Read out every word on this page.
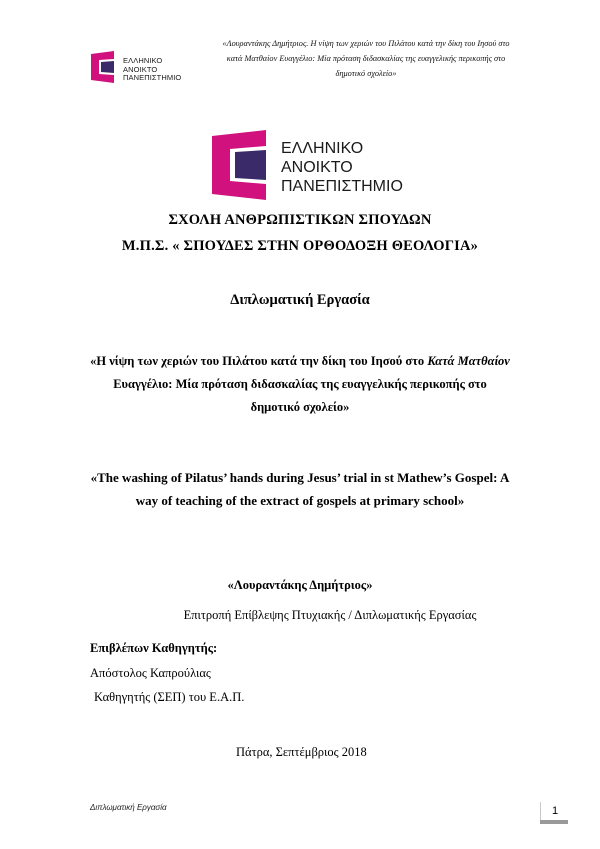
«Λουραντάκης Δημήτριος. Η νίψη των χεριών του Πιλάτου κατά την δίκη του Ιησού στο
κατά Ματθαίον Ευαγγέλιο: Μία πρόταση διδασκαλίας της ευαγγελικής περικοπής στο
δημοτικό σχολείο»
ΕΛΛΗΝΙΚΟ
ΑΝΟΙΚΤΟ
ΠΑΝΕΠΙΣΤΗΜΙΟ
ΕΛΛΗΝΙΚΟ
ΑΝΟΙΚΤΟ
ΠΑΝΕΠΙΣΤΗΜΙΟ
ΣΧΟΛΗ ΑΝΘΡΩΠΙΣΤΙΚΩΝ ΣΠΟΥΔΩΝ
Μ.Π.Σ. « ΣΠΟΥΔΕΣ ΣΤΗΝ ΟΡΘΟΔΟΞΗ ΘΕΟΛΟΓΙΑ»
Διπλωματική Εργασία
«Η νίψη των χεριών του Πιλάτου κατά την δίκη του Ιησού στο Κατά Ματθαίον Ευαγγέλιο: Μία πρόταση διδασκαλίας της ευαγγελικής περικοπής στο δημοτικό σχολείο»
«The washing of Pilatus’ hands during Jesus’ trial in st Mathew’s Gospel: A way of teaching of the extract of gospels at primary school»
«Λουραντάκης Δημήτριος»
Επιτροπή Επίβλεψης Πτυχιακής / Διπλωματικής Εργασίας
Επιβλέπων Καθηγητής:
Απόστολος Καπρούλιας
Καθηγητής (ΣΕΠ) του Ε.Α.Π.
Πάτρα, Σεπτέμβριος 2018
Διπλωματική Εργασία	1
